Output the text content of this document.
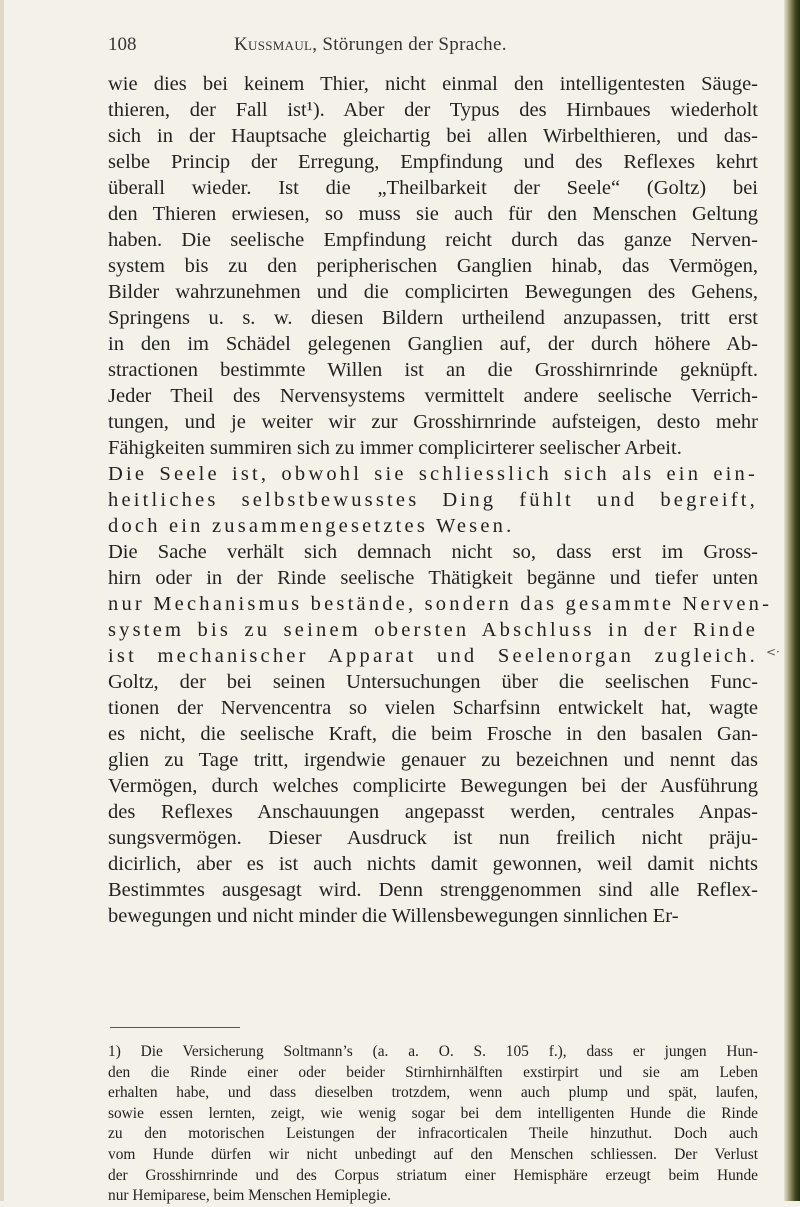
108	Kussmaul, Störungen der Sprache.
wie dies bei keinem Thier, nicht einmal den intelligentesten Säuge-
thieren, der Fall ist¹). Aber der Typus des Hirnbaues wiederholt
sich in der Hauptsache gleichartig bei allen Wirbelthieren, und das-
selbe Princip der Erregung, Empfindung und des Reflexes kehrt
überall wieder. Ist die „Theilbarkeit der Seele“ (Goltz) bei
den Thieren erwiesen, so muss sie auch für den Menschen Geltung
haben. Die seelische Empfindung reicht durch das ganze Nerven-
system bis zu den peripherischen Ganglien hinab, das Vermögen,
Bilder wahrzunehmen und die complicirten Bewegungen des Gehens,
Springens u. s. w. diesen Bildern urtheilend anzupassen, tritt erst
in den im Schädel gelegenen Ganglien auf, der durch höhere Ab-
stractionen bestimmte Willen ist an die Grosshirnrinde geknüpft.
Jeder Theil des Nervensystems vermittelt andere seelische Verrich-
tungen, und je weiter wir zur Grosshirnrinde aufsteigen, desto mehr
Fähigkeiten summiren sich zu immer complicirterer seelischer Arbeit.
Die Seele ist, obwohl sie schliesslich sich als ein ein-
heitliches selbstbewusstes Ding fühlt und begreift,
doch ein zusammengesetztes Wesen.
Die Sache verhält sich demnach nicht so, dass erst im Gross-
hirn oder in der Rinde seelische Thätigkeit begänne und tiefer unten
nur Mechanismus bestände, sondern das gesammte Nerven-
system bis zu seinem obersten Abschluss in der Rinde
ist mechanischer Apparat und Seelenorgan zugleich.
Goltz, der bei seinen Untersuchungen über die seelischen Func-
tionen der Nervencentra so vielen Scharfsinn entwickelt hat, wagte
es nicht, die seelische Kraft, die beim Frosche in den basalen Gan-
glien zu Tage tritt, irgendwie genauer zu bezeichnen und nennt das
Vermögen, durch welches complicirte Bewegungen bei der Ausführung
des Reflexes Anschauungen angepasst werden, centrales Anpas-
sungsvermögen. Dieser Ausdruck ist nun freilich nicht präju-
dicirlich, aber es ist auch nichts damit gewonnen, weil damit nichts
Bestimmtes ausgesagt wird. Denn strenggenommen sind alle Reflex-
bewegungen und nicht minder die Willensbewegungen sinnlichen Er-
<·
1) Die Versicherung Soltmann’s (a. a. O. S. 105 f.), dass er jungen Hun-
den die Rinde einer oder beider Stirnhirnhälften exstirpirt und sie am Leben
erhalten habe, und dass dieselben trotzdem, wenn auch plump und spät, laufen,
sowie essen lernten, zeigt, wie wenig sogar bei dem intelligenten Hunde die Rinde
zu den motorischen Leistungen der infracorticalen Theile hinzuthut. Doch auch
vom Hunde dürfen wir nicht unbedingt auf den Menschen schliessen. Der Verlust
der Grosshirnrinde und des Corpus striatum einer Hemisphäre erzeugt beim Hunde
nur Hemiparese, beim Menschen Hemiplegie.
